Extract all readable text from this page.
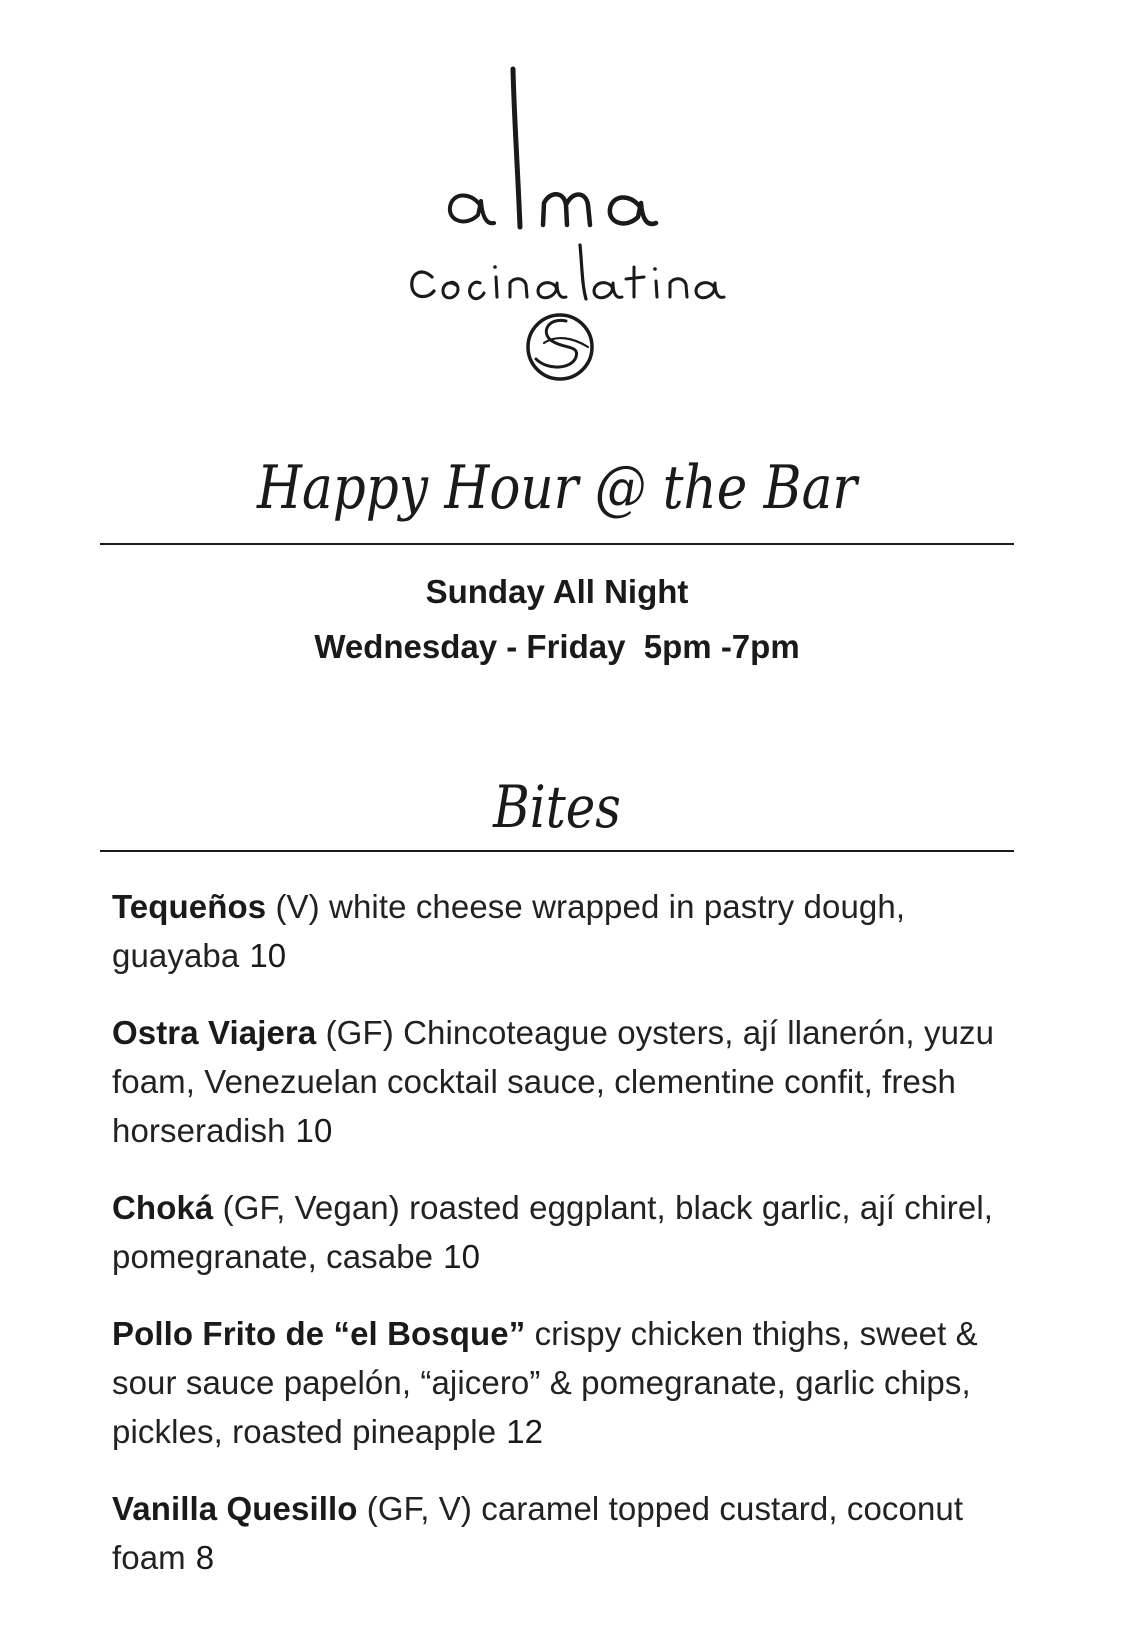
Happy Hour @ the Bar
Sunday All Night
Wednesday - Friday  5pm -7pm
Bites
Tequeños (V) white cheese wrapped in pastry dough, guayaba 10
Ostra Viajera (GF) Chincoteague oysters, ají llanerón, yuzu foam, Venezuelan cocktail sauce, clementine confit, fresh horseradish 10
Choká (GF, Vegan) roasted eggplant, black garlic, ají chirel, pomegranate, casabe 10
Pollo Frito de “el Bosque” crispy chicken thighs, sweet & sour sauce papelón, “ajicero” & pomegranate, garlic chips, pickles, roasted pineapple 12
Vanilla Quesillo (GF, V) caramel topped custard, coconut foam 8
